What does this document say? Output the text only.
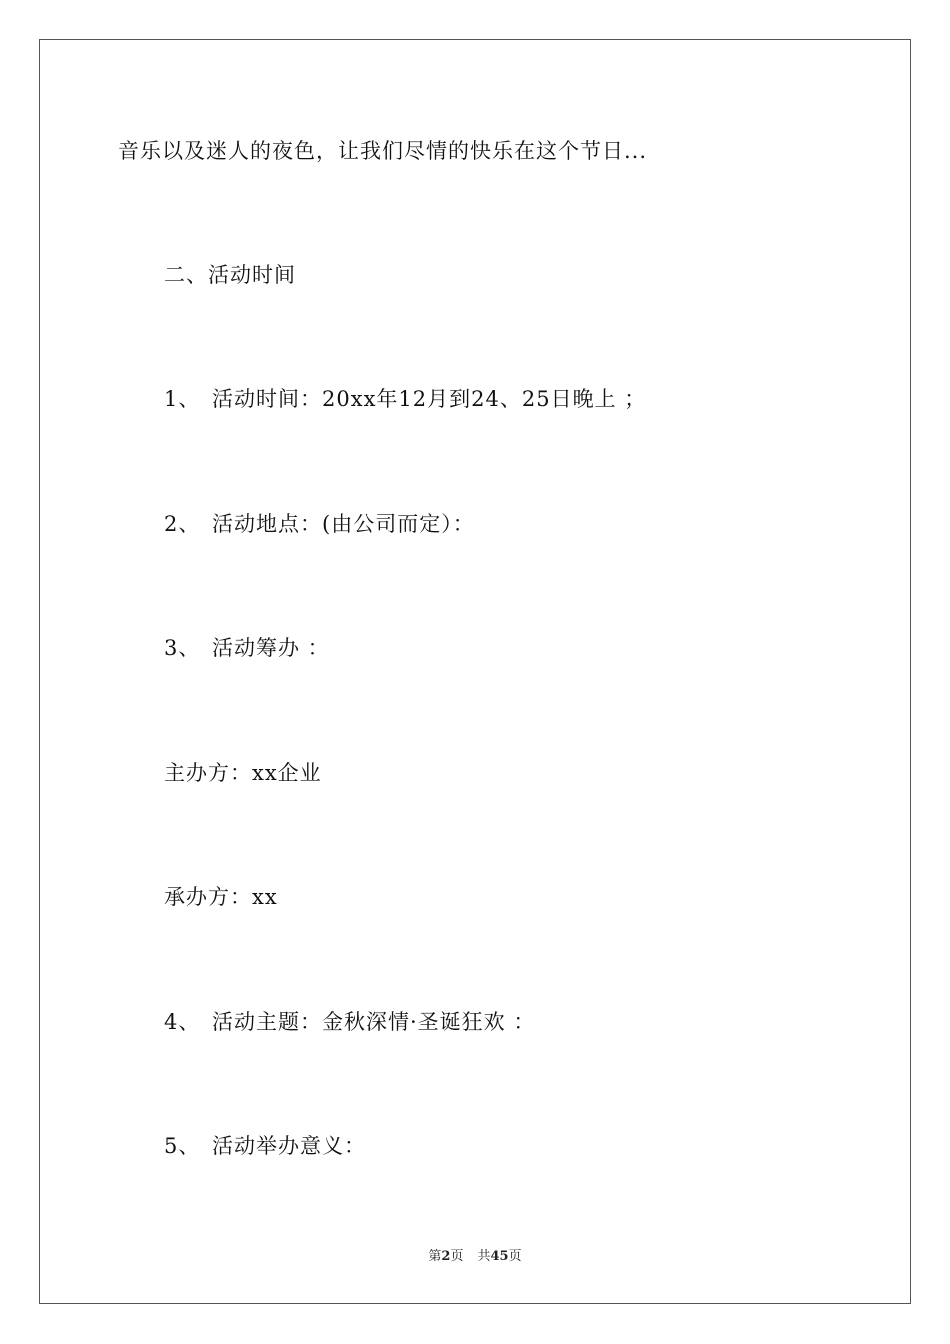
音乐以及迷人的夜色，让我们尽情的快乐在这个节日...
二、活动时间
1、 活动时间：20xx年12月到24、25日晚上 ；
2、 活动地点：(由公司而定）：
3、 活动筹办 ：
主办方：xx企业
承办方：xx
4、 活动主题：金秋深情·圣诞狂欢 ：
5、 活动举办意义：
第2页 共45页
